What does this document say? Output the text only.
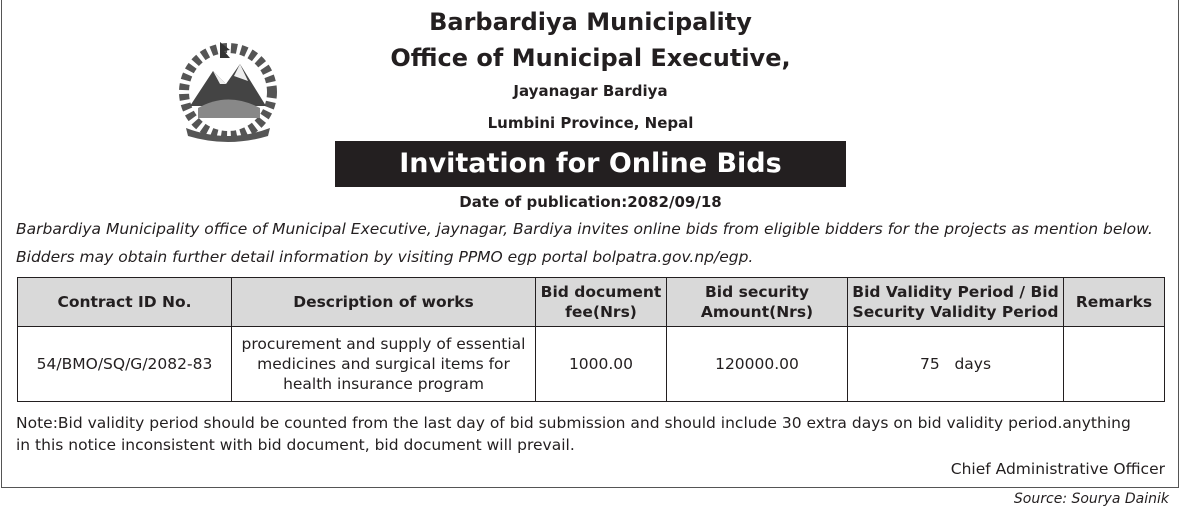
Barbardiya Municipality
Office of Municipal Executive,
Jayanagar Bardiya
Lumbini Province, Nepal
Invitation for Online Bids
Date of publication:2082/09/18
Barbardiya Municipality office of Municipal Executive, jaynagar, Bardiya invites online bids from eligible bidders for the projects as mention below.
Bidders may obtain further detail information by visiting PPMO egp portal bolpatra.gov.np/egp.
Contract ID No.	Description of works	Bid document fee(Nrs)	Bid security Amount(Nrs)	Bid Validity Period / Bid Security Validity Period	Remarks
54/BMO/SQ/G/2082-83	procurement and supply of essential medicines and surgical items for health insurance program	1000.00	120000.00	75   days	
Note:Bid validity period should be counted from the last day of bid submission and should include 30 extra days on bid validity period.anything
in this notice inconsistent with bid document, bid document will prevail.
Chief Administrative Officer
Source: Sourya Dainik
